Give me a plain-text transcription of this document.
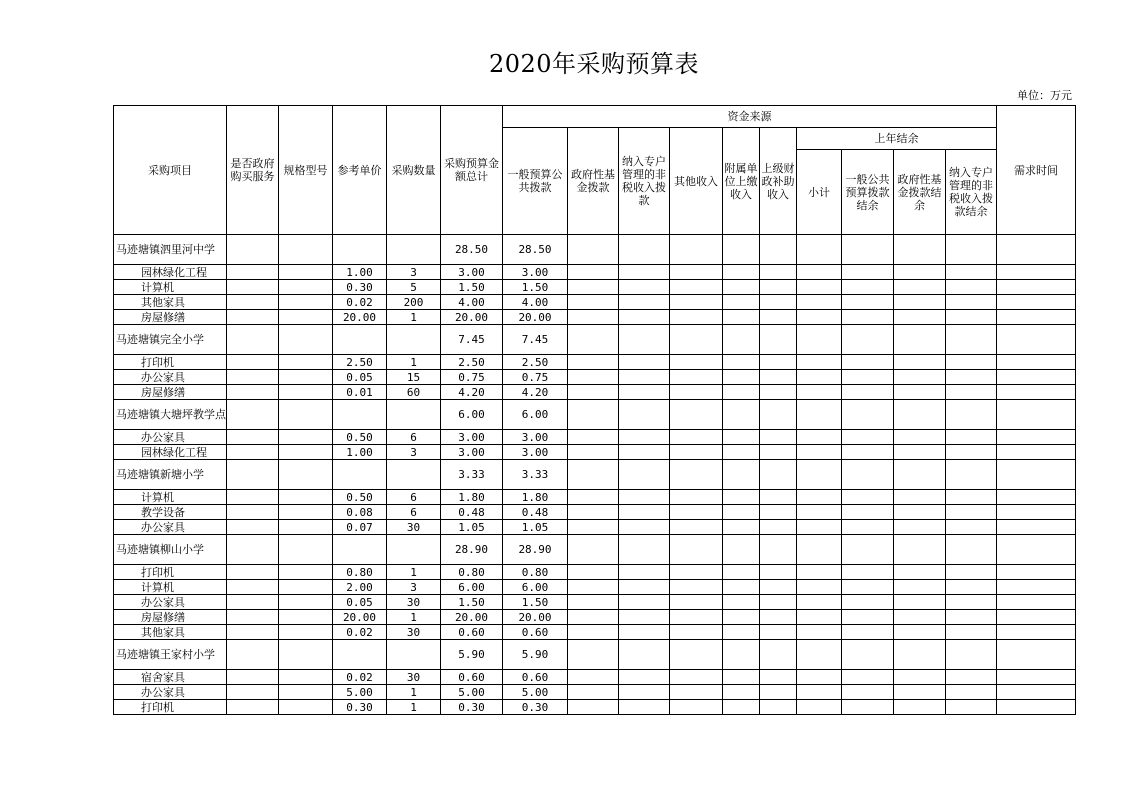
2020年采购预算表
单位：万元
采购项目	是否政府购买服务	规格型号	参考单价	采购数量	采购预算金额总计	资金来源										需求时间
						一般预算公共拨款	政府性基金拨款	纳入专户管理的非税收入拨款	其他收入	附属单位上缴收入	上级财政补助收入	上年结余				
												小计	一般公共预算拨款结余	政府性基金拨款结余	纳入专户管理的非税收入拨款结余	
马迹塘镇泗里河中学					28.50	28.50										
园林绿化工程			1.00	3	3.00	3.00										
计算机			0.30	5	1.50	1.50										
其他家具			0.02	200	4.00	4.00										
房屋修缮			20.00	1	20.00	20.00										
马迹塘镇完全小学					7.45	7.45										
打印机			2.50	1	2.50	2.50										
办公家具			0.05	15	0.75	0.75										
房屋修缮			0.01	60	4.20	4.20										
马迹塘镇大塘坪教学点					6.00	6.00										
办公家具			0.50	6	3.00	3.00										
园林绿化工程			1.00	3	3.00	3.00										
马迹塘镇新塘小学					3.33	3.33										
计算机			0.50	6	1.80	1.80										
教学设备			0.08	6	0.48	0.48										
办公家具			0.07	30	1.05	1.05										
马迹塘镇柳山小学					28.90	28.90										
打印机			0.80	1	0.80	0.80										
计算机			2.00	3	6.00	6.00										
办公家具			0.05	30	1.50	1.50										
房屋修缮			20.00	1	20.00	20.00										
其他家具			0.02	30	0.60	0.60										
马迹塘镇王家村小学					5.90	5.90										
宿舍家具			0.02	30	0.60	0.60										
办公家具			5.00	1	5.00	5.00										
打印机			0.30	1	0.30	0.30										
